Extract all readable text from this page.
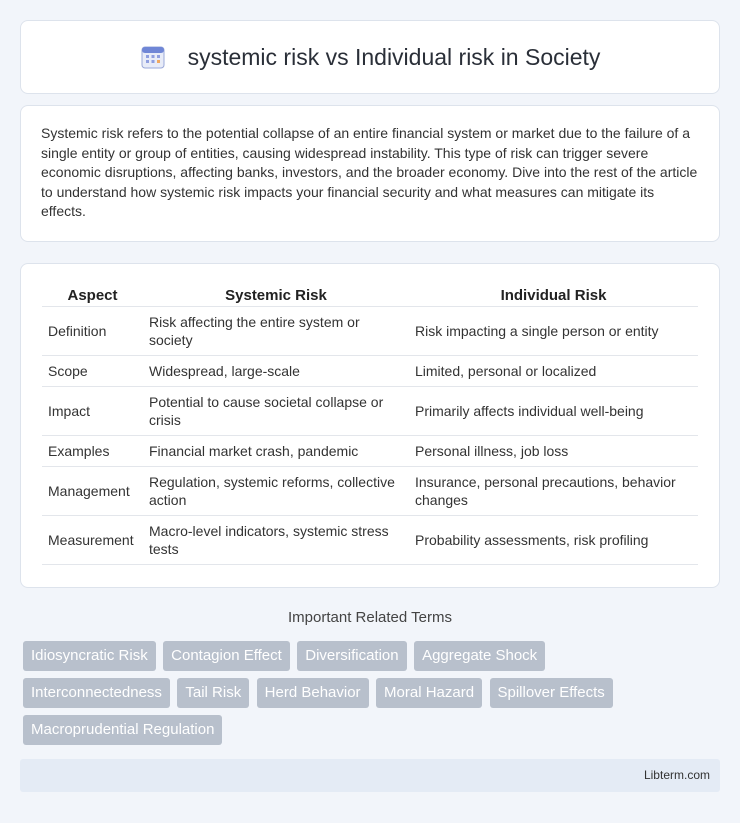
systemic risk vs Individual risk in Society

Systemic risk refers to the potential collapse of an entire financial system or market due to the failure of a single entity or group of entities, causing widespread instability. This type of risk can trigger severe economic disruptions, affecting banks, investors, and the broader economy. Dive into the rest of the article to understand how systemic risk impacts your financial security and what measures can mitigate its effects.

Aspect	Systemic Risk	Individual Risk
Definition	Risk affecting the entire system or society	Risk impacting a single person or entity
Scope	Widespread, large-scale	Limited, personal or localized
Impact	Potential to cause societal collapse or crisis	Primarily affects individual well-being
Examples	Financial market crash, pandemic	Personal illness, job loss
Management	Regulation, systemic reforms, collective action	Insurance, personal precautions, behavior changes
Measurement	Macro-level indicators, systemic stress tests	Probability assessments, risk profiling
Important Related Terms
Idiosyncratic Risk Contagion Effect Diversification Aggregate Shock
Interconnectedness Tail Risk Herd Behavior Moral Hazard Spillover Effects
Macroprudential Regulation
Libterm.com
